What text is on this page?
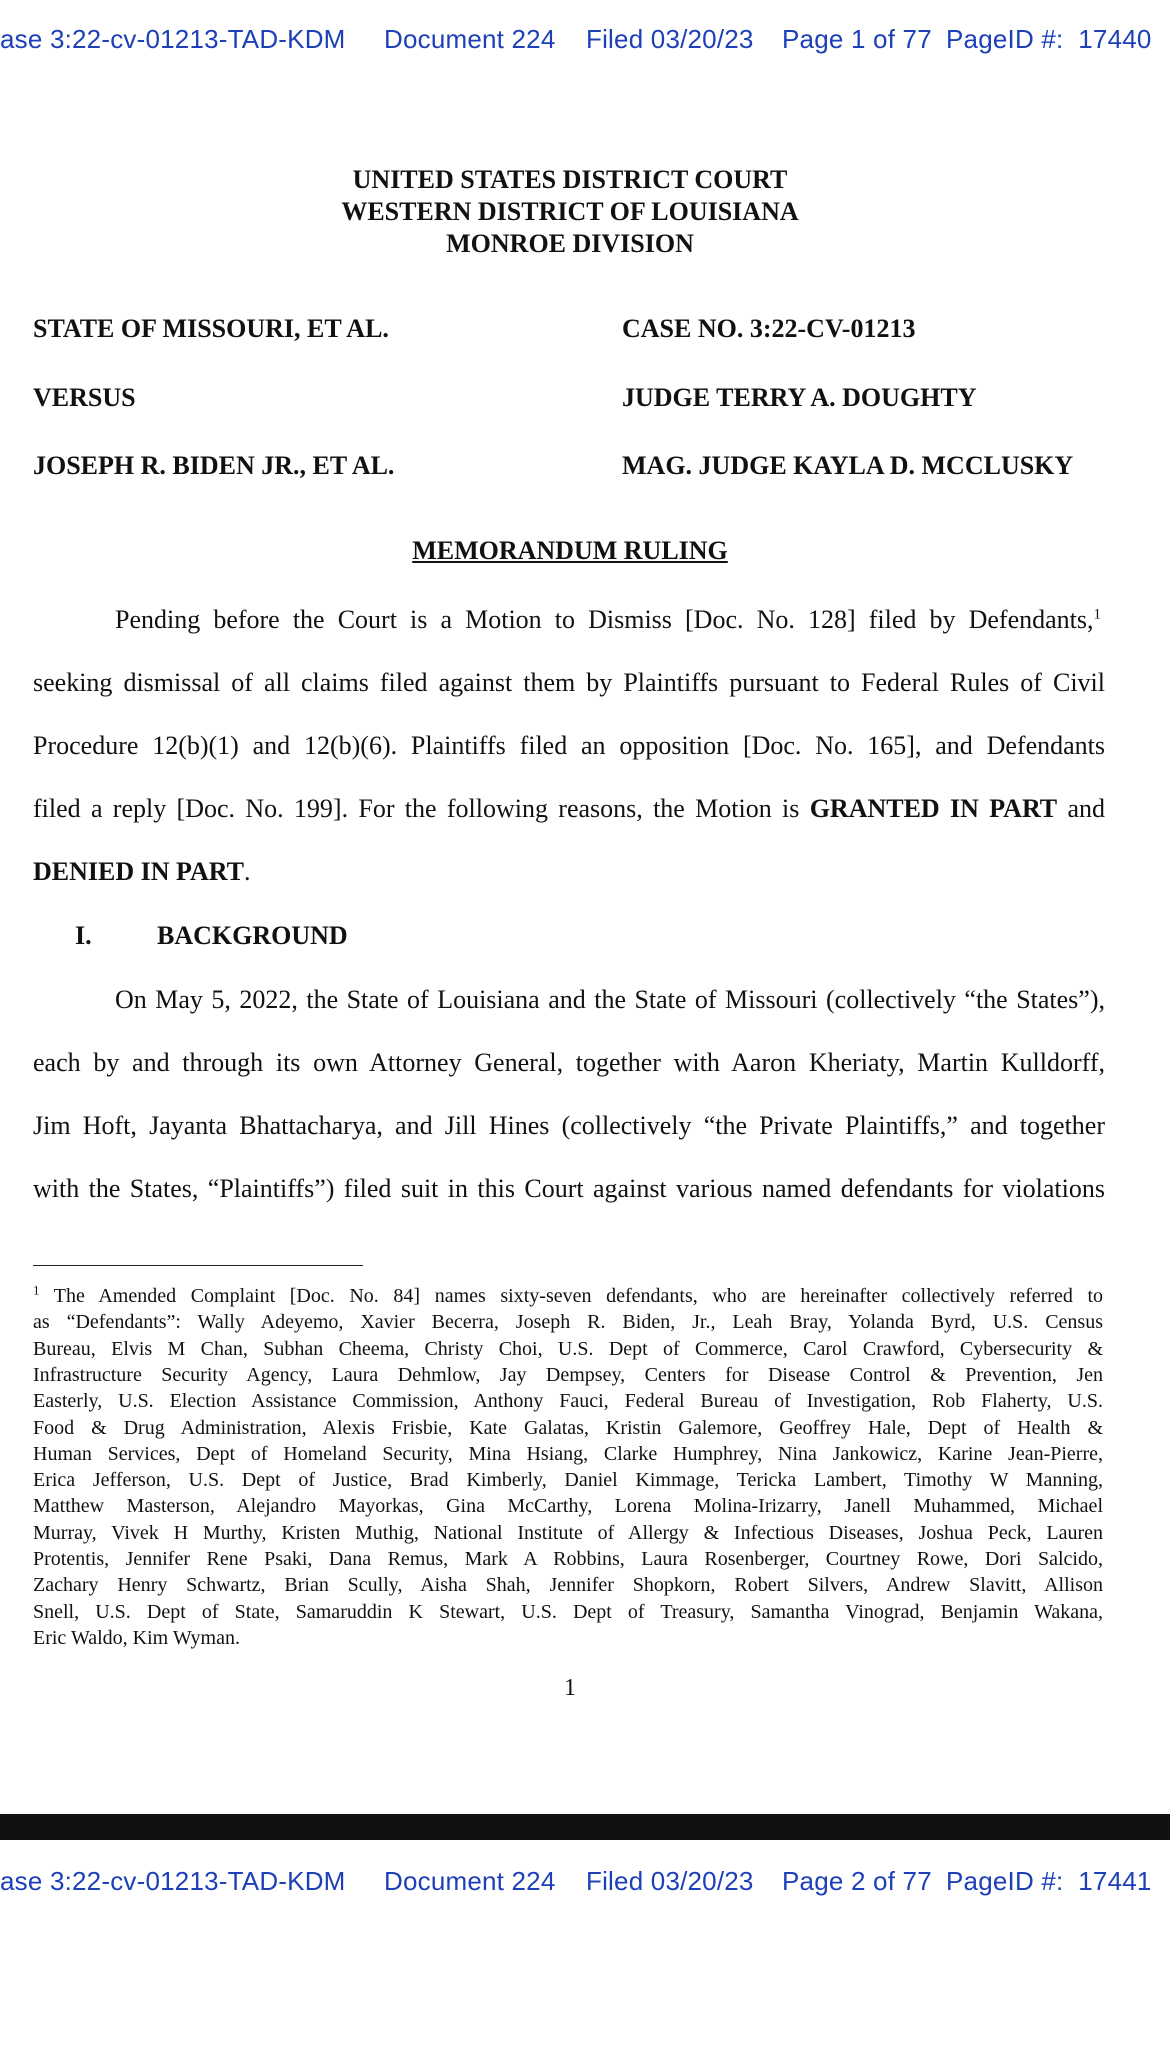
ase 3:22-cv-01213-TAD-KDM

Document 224

Filed 03/20/23

Page 1 of 77

PageID #:  17440

UNITED STATES DISTRICT COURT
WESTERN DISTRICT OF LOUISIANA
MONROE DIVISION
STATE OF MISSOURI, ET AL.	CASE NO. 3:22-CV-01213
VERSUS	JUDGE TERRY A. DOUGHTY
JOSEPH R. BIDEN JR., ET AL.	MAG. JUDGE KAYLA D. MCCLUSKY
MEMORANDUM RULING
Pending before the Court is a Motion to Dismiss [Doc. No. 128] filed by Defendants,$^1$
seeking dismissal of all claims filed against them by Plaintiffs pursuant to Federal Rules of Civil
Procedure 12(b)(1) and 12(b)(6). Plaintiffs filed an opposition [Doc. No. 165], and Defendants
filed a reply [Doc. No. 199]. For the following reasons, the Motion is GRANTED IN PART and
DENIED IN PART.
I.	BACKGROUND
On May 5, 2022, the State of Louisiana and the State of Missouri (collectively “the States”),
each by and through its own Attorney General, together with Aaron Kheriaty, Martin Kulldorff,
Jim Hoft, Jayanta Bhattacharya, and Jill Hines (collectively “the Private Plaintiffs,” and together
with the States, “Plaintiffs”) filed suit in this Court against various named defendants for violations
$^1$ The Amended Complaint [Doc. No. 84] names sixty-seven defendants, who are hereinafter collectively referred to
as “Defendants”: Wally Adeyemo, Xavier Becerra, Joseph R. Biden, Jr., Leah Bray, Yolanda Byrd, U.S. Census
Bureau, Elvis M Chan, Subhan Cheema, Christy Choi, U.S. Dept of Commerce, Carol Crawford, Cybersecurity &
Infrastructure Security Agency, Laura Dehmlow, Jay Dempsey, Centers for Disease Control & Prevention, Jen
Easterly, U.S. Election Assistance Commission, Anthony Fauci, Federal Bureau of Investigation, Rob Flaherty, U.S.
Food & Drug Administration, Alexis Frisbie, Kate Galatas, Kristin Galemore, Geoffrey Hale, Dept of Health &
Human Services, Dept of Homeland Security, Mina Hsiang, Clarke Humphrey, Nina Jankowicz, Karine Jean-Pierre,
Erica Jefferson, U.S. Dept of Justice, Brad Kimberly, Daniel Kimmage, Tericka Lambert, Timothy W Manning,
Matthew Masterson, Alejandro Mayorkas, Gina McCarthy, Lorena Molina-Irizarry, Janell Muhammed, Michael
Murray, Vivek H Murthy, Kristen Muthig, National Institute of Allergy & Infectious Diseases, Joshua Peck, Lauren
Protentis, Jennifer Rene Psaki, Dana Remus, Mark A Robbins, Laura Rosenberger, Courtney Rowe, Dori Salcido,
Zachary Henry Schwartz, Brian Scully, Aisha Shah, Jennifer Shopkorn, Robert Silvers, Andrew Slavitt, Allison
Snell, U.S. Dept of State, Samaruddin K Stewart, U.S. Dept of Treasury, Samantha Vinograd, Benjamin Wakana,
Eric Waldo, Kim Wyman.
1

ase 3:22-cv-01213-TAD-KDM

Document 224

Filed 03/20/23

Page 2 of 77

PageID #:  17441
